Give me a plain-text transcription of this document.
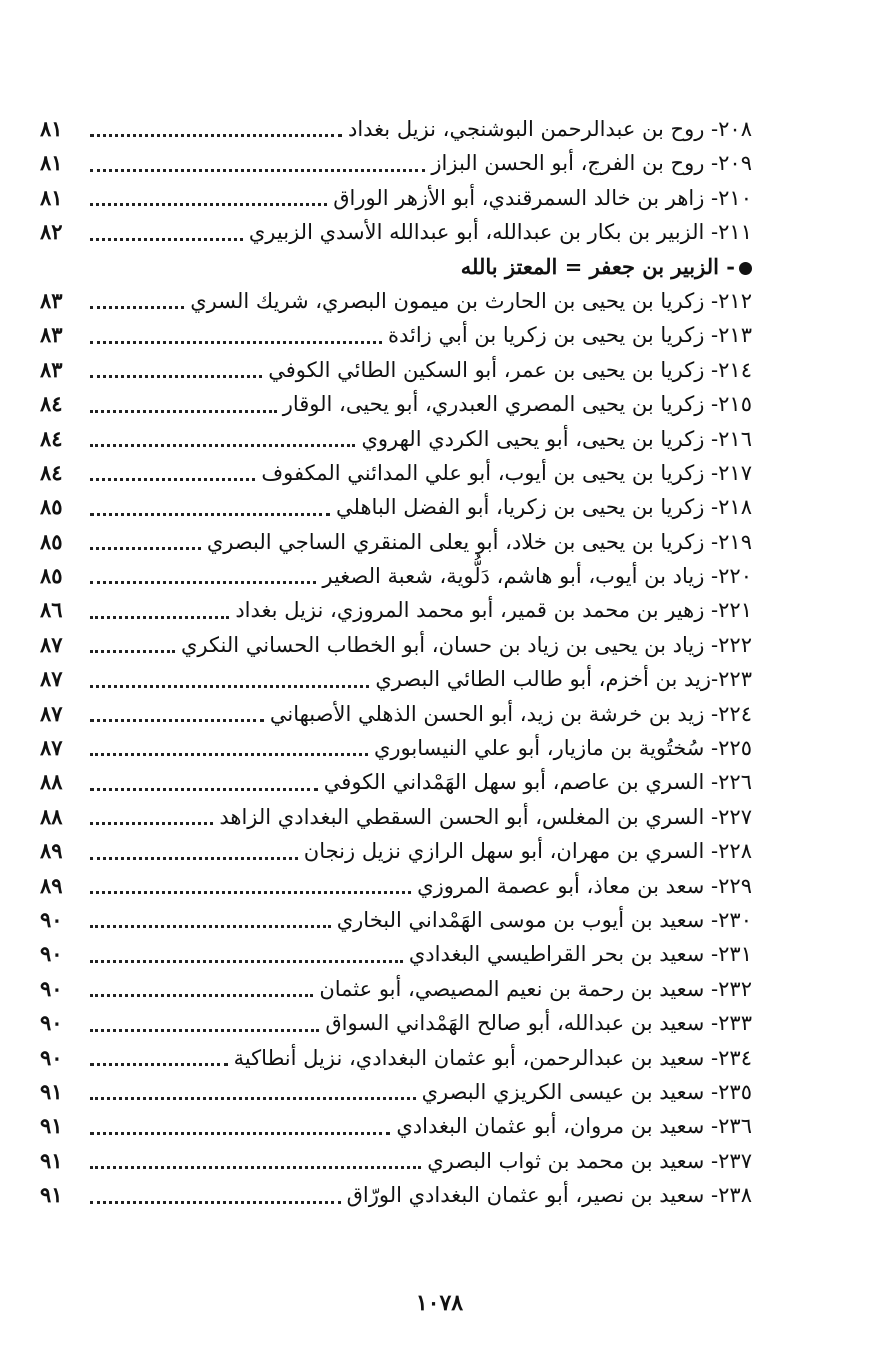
٢٠٨- روح بن عبدالرحمن البوشنجي، نزيل بغداد
٨١
٢٠٩- روح بن الفرج، أبو الحسن البزاز
٨١
٢١٠- زاهر بن خالد السمرقندي، أبو الأزهر الوراق
٨١
٢١١- الزبير بن بكار بن عبدالله، أبو عبدالله الأسدي الزبيري
٨٢
- الزبير بن جعفر = المعتز بالله
٢١٢- زكريا بن يحيى بن الحارث بن ميمون البصري، شريك السري
٨٣
٢١٣- زكريا بن يحيى بن زكريا بن أبي زائدة
٨٣
٢١٤- زكريا بن يحيى بن عمر، أبو السكين الطائي الكوفي
٨٣
٢١٥- زكريا بن يحيى المصري العبدري، أبو يحيى، الوقار
٨٤
٢١٦- زكريا بن يحيى، أبو يحيى الكردي الهروي
٨٤
٢١٧- زكريا بن يحيى بن أيوب، أبو علي المدائني المكفوف
٨٤
٢١٨- زكريا بن يحيى بن زكريا، أبو الفضل الباهلي
٨٥
٢١٩- زكريا بن يحيى بن خلاد، أبو يعلى المنقري الساجي البصري
٨٥
٢٢٠- زياد بن أيوب، أبو هاشم، دَلُّوية، شعبة الصغير
٨٥
٢٢١- زهير بن محمد بن قمير، أبو محمد المروزي، نزيل بغداد
٨٦
٢٢٢- زياد بن يحيى بن زياد بن حسان، أبو الخطاب الحساني النكري
٨٧
٢٢٣-زيد بن أخزم، أبو طالب الطائي البصري
٨٧
٢٢٤- زيد بن خرشة بن زيد، أبو الحسن الذهلي الأصبهاني
٨٧
٢٢٥- سُختُوية بن مازيار، أبو علي النيسابوري
٨٧
٢٢٦- السري بن عاصم، أبو سهل الهَمْداني الكوفي
٨٨
٢٢٧- السري بن المغلس، أبو الحسن السقطي البغدادي الزاهد
٨٨
٢٢٨- السري بن مهران، أبو سهل الرازي نزيل زنجان
٨٩
٢٢٩- سعد بن معاذ، أبو عصمة المروزي
٨٩
٢٣٠- سعيد بن أيوب بن موسى الهَمْداني البخاري
٩٠
٢٣١- سعيد بن بحر القراطيسي البغدادي
٩٠
٢٣٢- سعيد بن رحمة بن نعيم المصيصي، أبو عثمان
٩٠
٢٣٣- سعيد بن عبدالله، أبو صالح الهَمْداني السواق
٩٠
٢٣٤- سعيد بن عبدالرحمن، أبو عثمان البغدادي، نزيل أنطاكية
٩٠
٢٣٥- سعيد بن عيسى الكريزي البصري
٩١
٢٣٦- سعيد بن مروان، أبو عثمان البغدادي
٩١
٢٣٧- سعيد بن محمد بن ثواب البصري
٩١
٢٣٨- سعيد بن نصير، أبو عثمان البغدادي الورّاق
٩١
١٠٧٨
